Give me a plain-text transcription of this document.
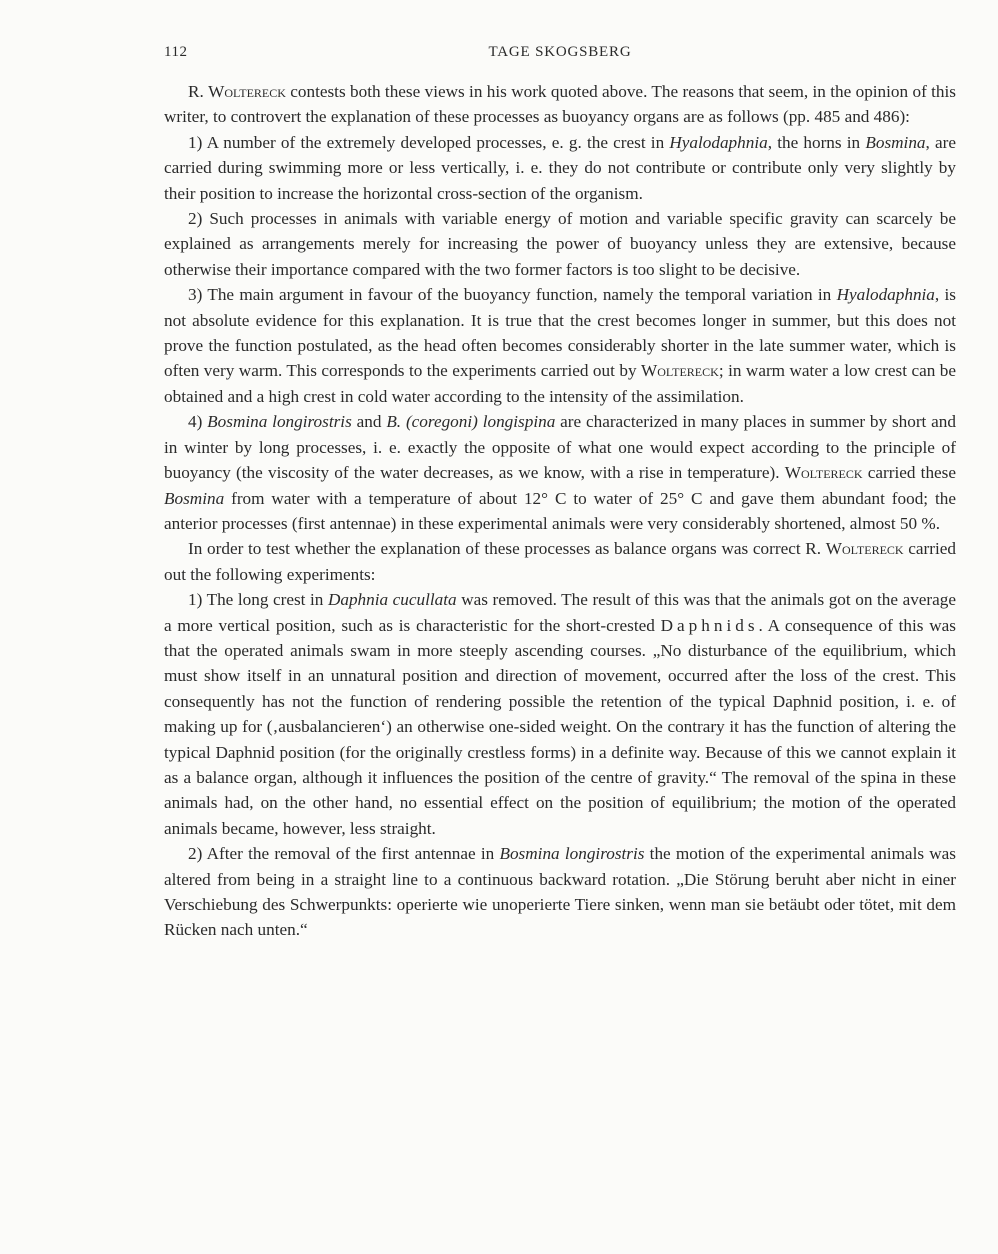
112	TAGE SKOGSBERG

R. Woltereck contests both these views in his work quoted above. The reasons that seem, in the opinion of this writer, to controvert the explanation of these processes as buoyancy organs are as follows (pp. 485 and 486):

1) A number of the extremely developed processes, e. g. the crest in Hyalodaphnia, the horns in Bosmina, are carried during swimming more or less vertically, i. e. they do not contribute or contribute only very slightly by their position to increase the horizontal cross-section of the organism.

2) Such processes in animals with variable energy of motion and variable specific gravity can scarcely be explained as arrangements merely for increasing the power of buoyancy unless they are extensive, because otherwise their importance compared with the two former factors is too slight to be decisive.

3) The main argument in favour of the buoyancy function, namely the temporal variation in Hyalodaphnia, is not absolute evidence for this explanation. It is true that the crest becomes longer in summer, but this does not prove the function postulated, as the head often becomes considerably shorter in the late summer water, which is often very warm. This corresponds to the experiments carried out by Woltereck; in warm water a low crest can be obtained and a high crest in cold water according to the intensity of the assimilation.

4) Bosmina longirostris and B. (coregoni) longispina are characterized in many places in summer by short and in winter by long processes, i. e. exactly the opposite of what one would expect according to the principle of buoyancy (the viscosity of the water decreases, as we know, with a rise in temperature). Woltereck carried these Bosmina from water with a temperature of about 12° C to water of 25° C and gave them abundant food; the anterior processes (first antennae) in these experimental animals were very considerably shortened, almost 50 %.

In order to test whether the explanation of these processes as balance organs was correct R. Woltereck carried out the following experiments:

1) The long crest in Daphnia cucullata was removed. The result of this was that the animals got on the average a more vertical position, such as is characteristic for the short-crested Daphnids. A consequence of this was that the operated animals swam in more steeply ascending courses. „No disturbance of the equilibrium, which must show itself in an unnatural position and direction of movement, occurred after the loss of the crest. This consequently has not the function of rendering possible the retention of the typical Daphnid position, i. e. of making up for (‚ausbalancieren‘) an otherwise one-sided weight. On the contrary it has the function of altering the typical Daphnid position (for the originally crestless forms) in a definite way. Because of this we cannot explain it as a balance organ, although it influences the position of the centre of gravity.“ The removal of the spina in these animals had, on the other hand, no essential effect on the position of equilibrium; the motion of the operated animals became, however, less straight.

2) After the removal of the first antennae in Bosmina longirostris the motion of the experimental animals was altered from being in a straight line to a continuous backward rotation. „Die Störung beruht aber nicht in einer Verschiebung des Schwerpunkts: operierte wie unoperierte Tiere sinken, wenn man sie betäubt oder tötet, mit dem Rücken nach unten.“
